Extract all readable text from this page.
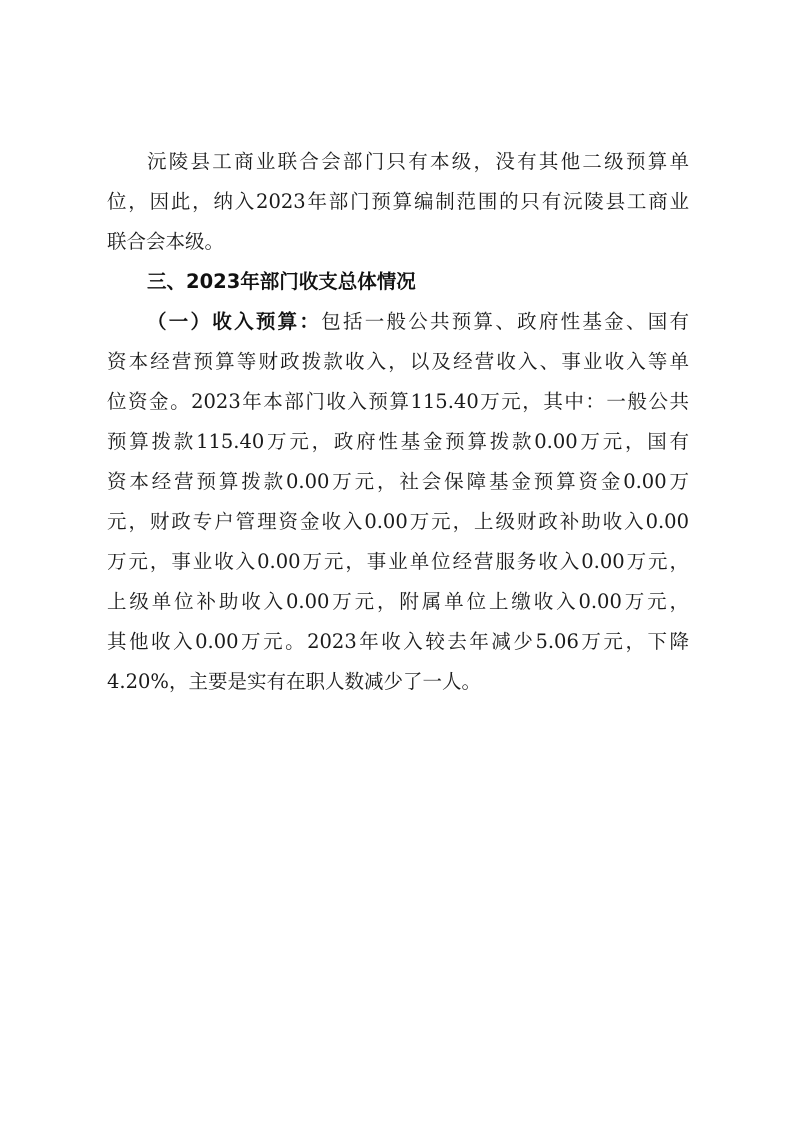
沅陵县工商业联合会部门只有本级，没有其他二级预算单
位，因此，纳入2023年部门预算编制范围的只有沅陵县工商业
联合会本级。
三、2023年部门收支总体情况
（一）收入预算：包括一般公共预算、政府性基金、国有
资本经营预算等财政拨款收入，以及经营收入、事业收入等单
位资金。2023年本部门收入预算115.40万元，其中：一般公共
预算拨款115.40万元，政府性基金预算拨款0.00万元，国有
资本经营预算拨款0.00万元，社会保障基金预算资金0.00万
元，财政专户管理资金收入0.00万元，上级财政补助收入0.00
万元，事业收入0.00万元，事业单位经营服务收入0.00万元，
上级单位补助收入0.00万元，附属单位上缴收入0.00万元，
其他收入0.00万元。2023年收入较去年减少5.06万元，下降
4.20%，主要是实有在职人数减少了一人。
